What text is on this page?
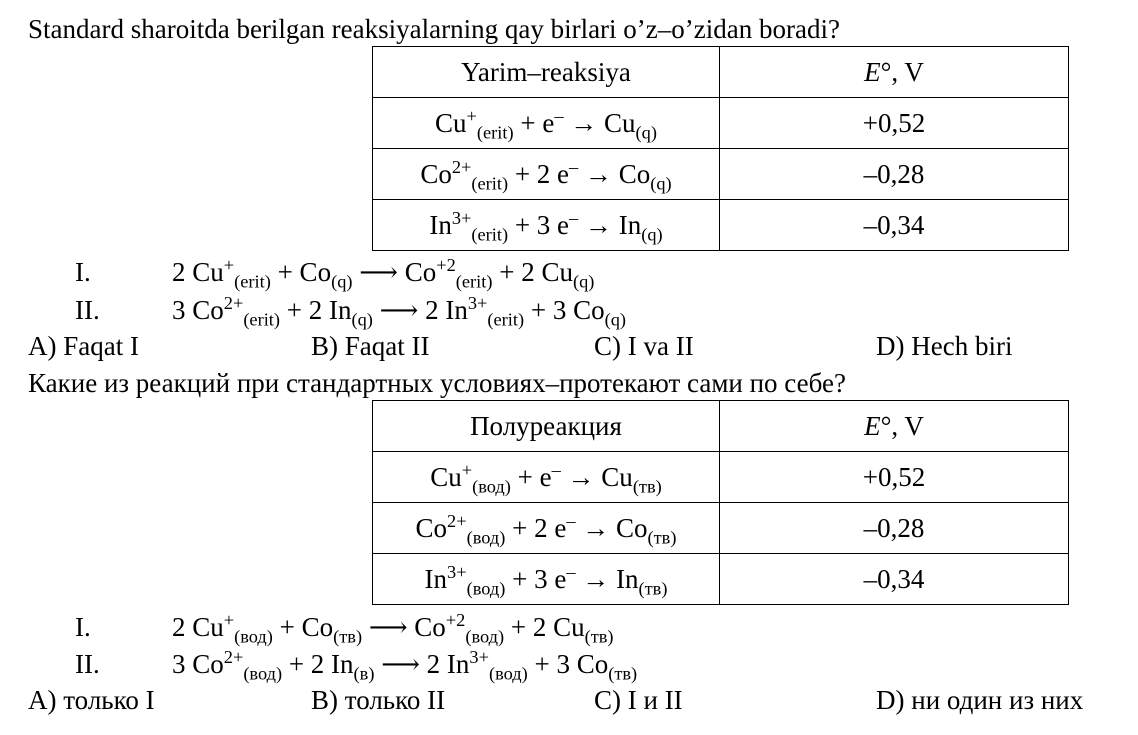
Standard sharoitda berilgan reaksiyalarning qay birlari o’z–o’zidan boradi?
Yarim–reaksiya	E°, V
$Cu^+_{(erit)} + e^- \to Cu_{(q)}$	+0,52
$Co^{2+}_{(erit)} + 2$ $e^- \to Co_{(q)}$	–0,28
$In^{3+}_{(erit)} + 3$ $e^- \to In_{(q)}$	–0,34
I.	2 $Cu^+_{(erit)} + Co_{(q)}$ ⟶ $Co^{+2}_{(erit)} + 2$ $Cu_{(q)}$
II.	3 $Co^{2+}_{(erit)} + 2$ $In_{(q)}$ ⟶ 2 $In^{3+}_{(erit)} + 3$ $Co_{(q)}$
A) Faqat I	B) Faqat II	C) I va II	D) Hech biri
Какие из реакций при стандартных условиях–протекают сами по себе?
Полуреакция	E°, V
$Cu^+_{(вод)} + e^- \to Cu_{(тв)}$	+0,52
$Co^{2+}_{(вод)} + 2$ $e^- \to Co_{(тв)}$	–0,28
$In^{3+}_{(вод)} + 3$ $e^- \to In_{(тв)}$	–0,34
I.	2 $Cu^+_{(вод)} + Co_{(тв)}$ ⟶ $Co^{+2}_{(вод)} + 2$ $Cu_{(тв)}$
II.	3 $Co^{2+}_{(вод)} + 2$ $In_{(в)}$ ⟶ 2 $In^{3+}_{(вод)} + 3$ $Co_{(тв)}$
A) только I	B) только II	C) I и II	D) ни один из них
